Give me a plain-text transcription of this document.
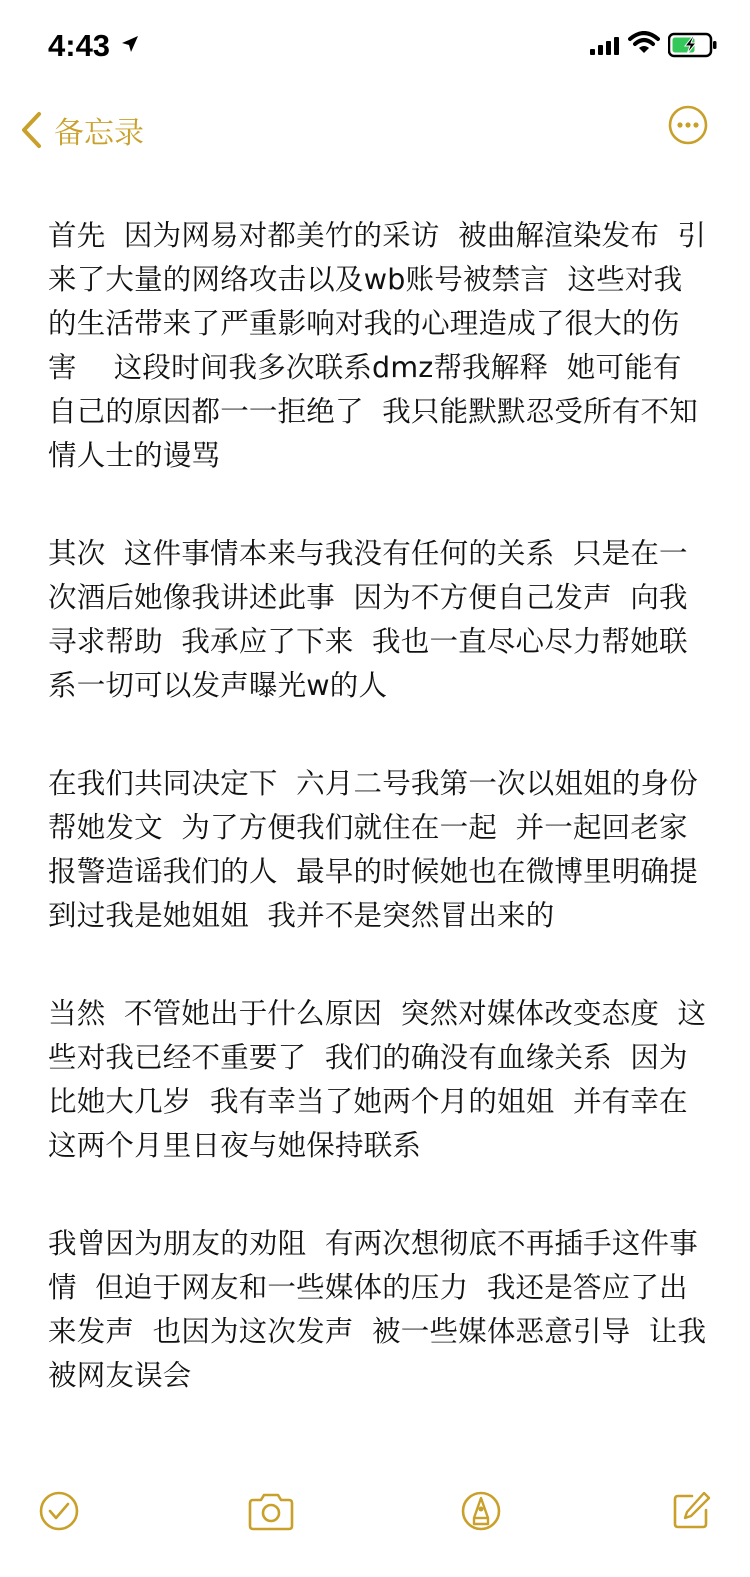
4:43
备忘录

首先  因为网易对都美竹的采访  被曲解渲染发布  引来了大量的网络攻击以及wb账号被禁言  这些对我的生活带来了严重影响对我的心理造成了很大的伤害    这段时间我多次联系dmz帮我解释  她可能有自己的原因都一一拒绝了  我只能默默忍受所有不知情人士的谩骂

其次  这件事情本来与我没有任何的关系  只是在一次酒后她像我讲述此事  因为不方便自己发声  向我寻求帮助  我承应了下来  我也一直尽心尽力帮她联系一切可以发声曝光w的人

在我们共同决定下  六月二号我第一次以姐姐的身份帮她发文  为了方便我们就住在一起  并一起回老家报警造谣我们的人  最早的时候她也在微博里明确提到过我是她姐姐  我并不是突然冒出来的

当然  不管她出于什么原因  突然对媒体改变态度  这些对我已经不重要了  我们的确没有血缘关系  因为比她大几岁  我有幸当了她两个月的姐姐  并有幸在这两个月里日夜与她保持联系

我曾因为朋友的劝阻  有两次想彻底不再插手这件事情  但迫于网友和一些媒体的压力  我还是答应了出来发声  也因为这次发声  被一些媒体恶意引导  让我被网友误会
